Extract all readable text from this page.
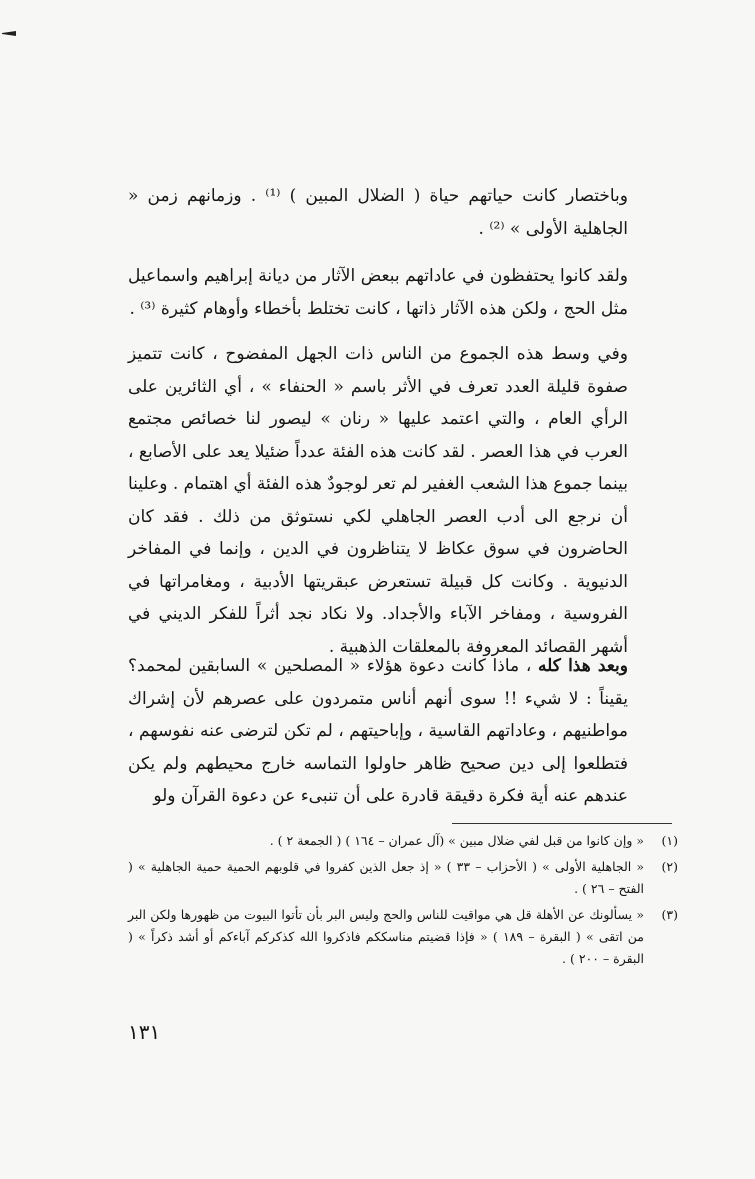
وباختصار كانت حياتهم حياة ( الضلال المبين ) ⁽¹⁾ . وزمانهم زمن « الجاهلية الأولى » ⁽²⁾ .

ولقد كانوا يحتفظون في عاداتهم ببعض الآثار من ديانة إبراهيم واسماعيل مثل الحج ، ولكن هذه الآثار ذاتها ، كانت تختلط بأخطاء وأوهام كثيرة ⁽³⁾ .

وفي وسط هذه الجموع من الناس ذات الجهل المفضوح ، كانت تتميز صفوة قليلة العدد تعرف في الأثر باسم « الحنفاء » ، أي الثائرين على الرأي العام ، والتي اعتمد عليها « رنان » ليصور لنا خصائص مجتمع العرب في هذا العصر . لقد كانت هذه الفئة عدداً ضئيلا يعد على الأصابع ، بينما جموع هذا الشعب الغفير لم تعر لوجودٌ هذه الفئة أي اهتمام . وعلينا أن نرجع الى أدب العصر الجاهلي لكي نستوثق من ذلك . فقد كان الحاضرون في سوق عكاظ لا يتناظرون في الدين ، وإنما في المفاخر الدنيوية . وكانت كل قبيلة تستعرض عبقريتها الأدبية ، ومغامراتها في الفروسية ، ومفاخر الآباء والأجداد. ولا نكاد نجد أثراً للفكر الديني في أشهر القصائد المعروفة بالمعلقات الذهبية .

وبعد هذا كله ، ماذا كانت دعوة هؤلاء « المصلحين » السابقين لمحمد؟ يقيناً : لا شيء !! سوى أنهم أناس متمردون على عصرهم لأن إشراك مواطنيهم ، وعاداتهم القاسية ، وإباحيتهم ، لم تكن لترضى عنه نفوسهم ، فتطلعوا إلى دين صحيح ظاهر حاولوا التماسه خارج محيطهم ولم يكن عندهم عنه أية فكرة دقيقة قادرة على أن تنبىء عن دعوة القرآن ولو

(١)
« وإن كانوا من قبل لفي ضلال مبين » (آل عمران – ١٦٤ ) ( الجمعة ٢ ) .
(٢)
« الجاهلية الأولى » ( الأحزاب – ٣٣ ) « إذ جعل الذين كفروا في قلوبهم الحمية حمية الجاهلية » ( الفتح – ٢٦ ) .
(٣)
« يسألونك عن الأهلة قل هي مواقيت للناس والحج وليس البر بأن تأتوا البيوت من ظهورها ولكن البر من اتقى » ( البقرة – ١٨٩ ) « فإذا قضيتم مناسككم فاذكروا الله كذكركم آباءكم أو أشد ذكراً » ( البقرة – ٢٠٠ ) .
١٣١
